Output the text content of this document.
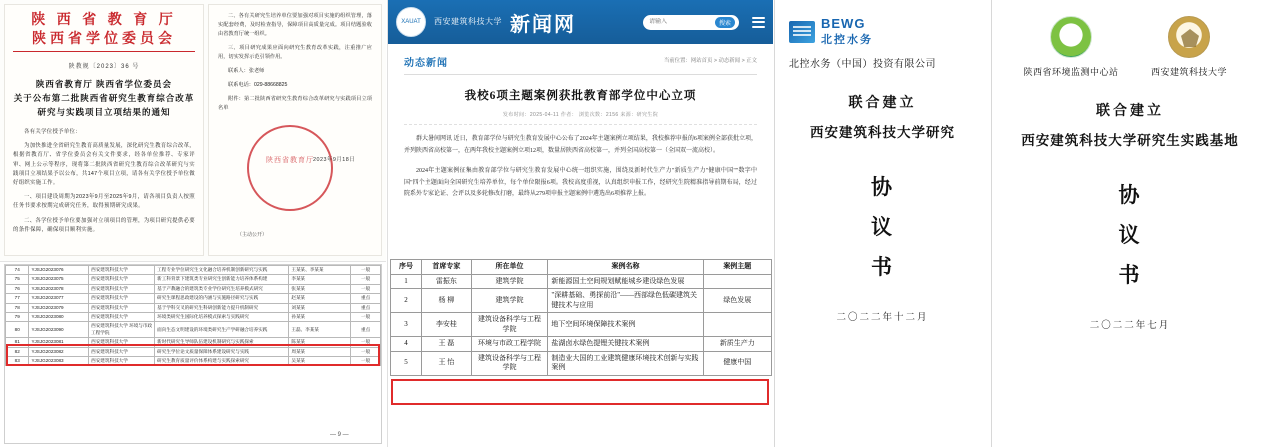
陕 西 省 教 育 厅
陕西省学位委员会
陕教规〔2023〕36 号
陕西省教育厅 陕西省学位委员会
关于公布第二批陕西省研究生教育综合改革
研究与实践项目立项结果的通知

各有关学位授予单位：

为加快推进全省研究生教育高质量发展，深化研究生教育综合改革，根据省教育厅、省学位委员会有关文件要求，经各单位推荐、专家评审、网上公示等程序，现将第二批陕西省研究生教育综合改革研究与实践项目立项结果予以公布，共147个项目立项，请各有关学位授予单位做好组织实施工作。

一、项目建设周期为2023年9月至2025年9月，请各项目负责人按照任务书要求按期完成研究任务，取得预期研究成果。

二、各学位授予单位要加强对立项项目的管理，为项目研究提供必要的条件保障，确保项目顺利实施。

二、各有关研究生培养单位要加强对项目实施的组织管理，落实配套经费，及时检查指导，保障项目高质量完成。项目结题验收由省教育厅统一组织。

三、项目研究成果应面向研究生教育改革实践，注重推广应用，切实发挥示范引领作用。

联系人：张老师

联系电话：029-88668825

附件：第二批陕西省研究生教育综合改革研究与实践项目立项名单

陕西省教育厅 2023年9月18日
（主动公开）
74	YJSJG2023076	西安建筑科技大学	工程专业学位研究生文化融合培养机制创新研究与实践	王某某、李某某	一般
75	YJSJG2023075	西安建筑科技大学	新工科背景下建筑类专业研究生创新能力培养体系构建	李某某	一般
76	YJSJG2023078	西安建筑科技大学	基于产教融合的建筑类专业学位研究生培养模式研究	张某某	一般
77	YJSJG2023077	西安建筑科技大学	研究生课程思政建设的内涵与实施路径研究与实践	赵某某	重点
78	YJSJG2023079	西安建筑科技大学	基于学科交叉的研究生科研创新能力提升机制研究	刘某某	重点
79	YJSJG2023080	西安建筑科技大学	环境类研究生国际化培养模式探索与实践研究	孙某某	一般
80	YJSJG2023090	西安建筑科技大学 环境与市政工程学院	面向生态文明建设的环境类研究生产学研融合培养实践	王磊、李某某	重点
81	YJSJG2023081	西安建筑科技大学	新时代研究生导师队伍建设机制研究与实践探索	陈某某	一般
82	YJSJG2023082	西安建筑科技大学	研究生学位论文质量保障体系建设研究与实践	周某某	一般
83	YJSJG2023083	西安建筑科技大学	研究生教育质量评价体系构建与实践探索研究	吴某某	一般
— 9 —
XAUAT	西安建筑科技大学 新闻网
请输入	搜索
动态新闻	当前位置：网站首页 > 动态新闻 > 正文
我校6项主题案例获批教育部学位中心立项
发布时间：2025-04-11 作者： 浏览次数：2156 来源：研究生院
群大暑间网讯 近日，教育部学位与研究生教育发展中心公布了2024年主题案例立项结果，我校推荐申报的6项案例全部获批立项，并列陕西省高校第一，在两年我校主题案例立项12项，数量居陕西省高校第一，并列全国高校第一（全国双一流高校）。
2024年主题案例征集由教育部学位与研究生教育发展中心统一组织实施，围绕及新时代生产力"新质生产力"健康中国""数字中国"四个主题面向全国研究生培养单位，每个单位限报6项。我校高度重视，认真组织申报工作，经研究生院精准指导前期布局，经过院系外专家论证、会评以及多轮修改打磨，最终从279项申报主题案例中遴选出6项推荐上报。
序号	首席专家	所在单位	案例名称	案例主题
1	雷振东	建筑学院	新能源国土空间规划赋能城乡建设绿色发展	
2	杨 柳	建筑学院	"深耕基础、勇探前沿"——西部绿色低碳建筑关键技术与应用	绿色发展
3	李安桂	建筑设备科学与工程学院	地下空间环境保障技术案例	
4	王 磊	环境与市政工程学院	盐湖卤水绿色提锂关键技术案例	新质生产力
5	王 怡	建筑设备科学与工程学院	制造业大国的工业建筑健康环境技术创新与实践案例	健康中国
BEWG
北控水务
北控水务（中国）投资有限公司
联合建立
西安建筑科技大学研究
协
议
书
二〇二二年十二月
陕西省环境监测中心站	西安建筑科技大学
联合建立
西安建筑科技大学研究生实践基地
协
议
书
二〇二二年七月
